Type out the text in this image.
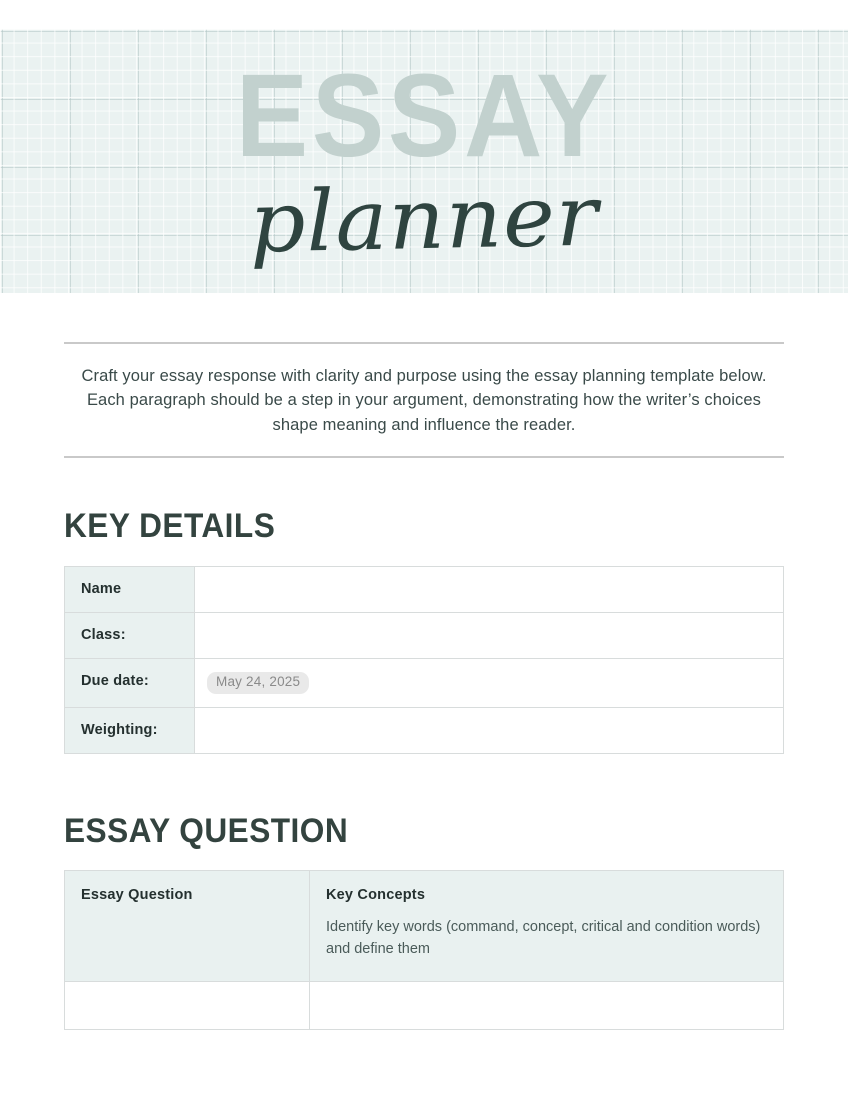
ESSAY
planner

Craft your essay response with clarity and purpose using the essay planning template below. Each paragraph should be a step in your argument, demonstrating how the writer’s choices shape meaning and influence the reader.

KEY DETAILS
Name	
Class:	
Due date:	May 24, 2025
Weighting:	
ESSAY QUESTION

Essay Question	Key Concepts

Identify key words (command, concept, critical and condition words) and define them
